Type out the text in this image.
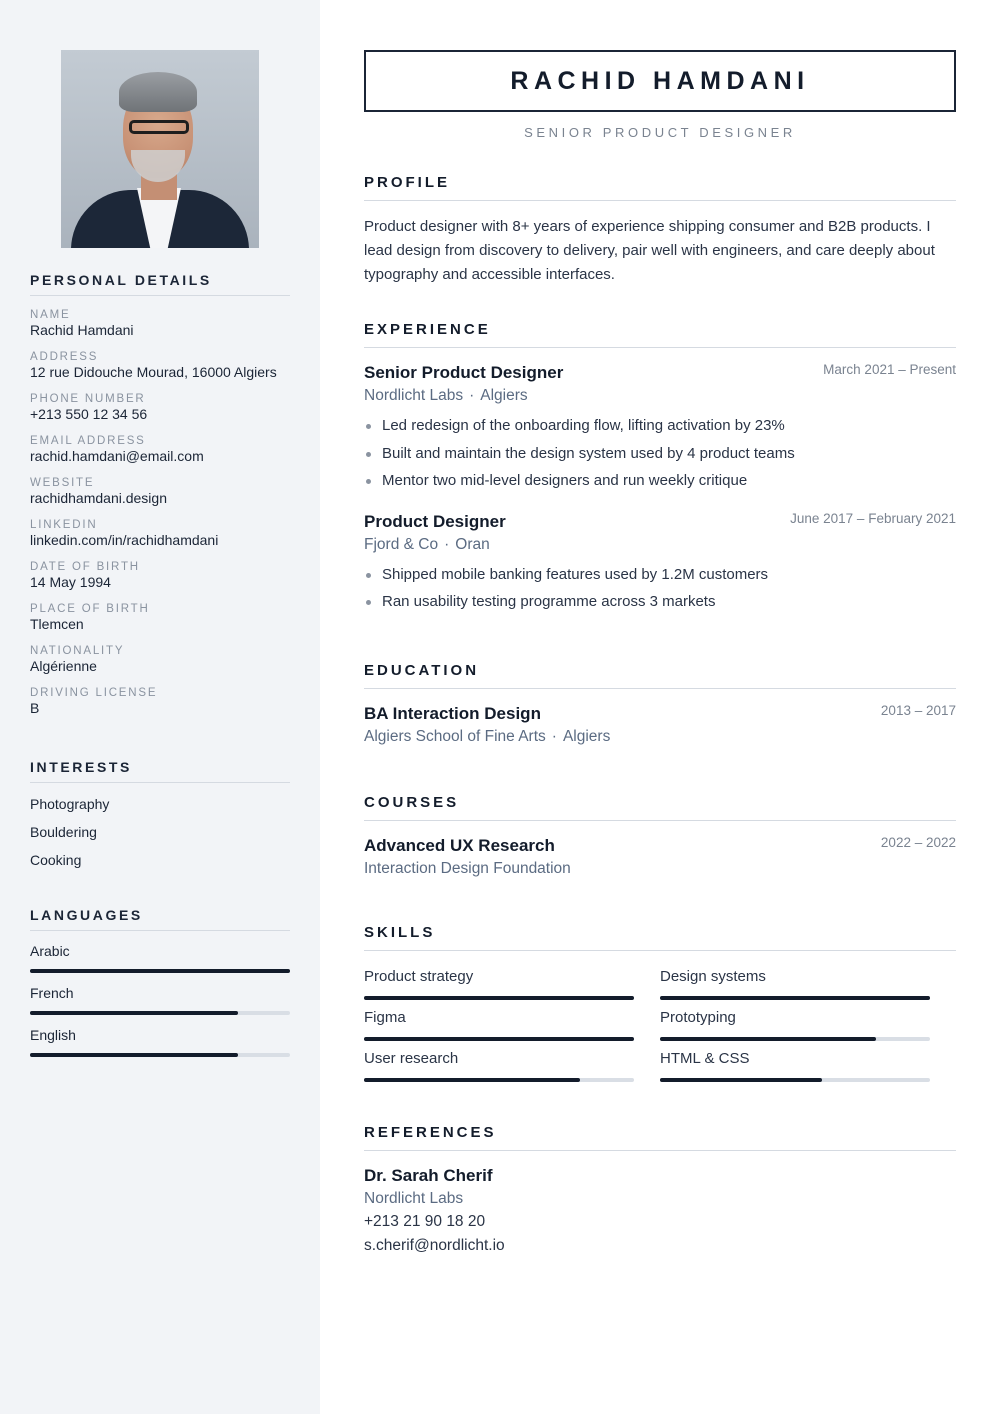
PERSONAL DETAILS
NAME
Rachid Hamdani
ADDRESS
12 rue Didouche Mourad, 16000 Algiers
PHONE NUMBER
+213 550 12 34 56
EMAIL ADDRESS
rachid.hamdani@email.com
WEBSITE
rachidhamdani.design
LINKEDIN
linkedin.com/in/rachidhamdani
DATE OF BIRTH
14 May 1994
PLACE OF BIRTH
Tlemcen
NATIONALITY
Algérienne
DRIVING LICENSE
B
INTERESTS
Photography
Bouldering
Cooking
LANGUAGES
Arabic
French
English
RACHID HAMDANI
SENIOR PRODUCT DESIGNER
PROFILE

Product designer with 8+ years of experience shipping consumer and B2B products. I lead design from discovery to delivery, pair well with engineers, and care deeply about typography and accessible interfaces.

EXPERIENCE
Senior Product Designer
Nordlicht Labs · Algiers
March 2021 – Present
Led redesign of the onboarding flow, lifting activation by 23%
Built and maintain the design system used by 4 product teams
Mentor two mid-level designers and run weekly critique
Product Designer
Fjord & Co · Oran
June 2017 – February 2021
Shipped mobile banking features used by 1.2M customers
Ran usability testing programme across 3 markets
EDUCATION
BA Interaction Design
Algiers School of Fine Arts · Algiers
2013 – 2017
COURSES
Advanced UX Research
Interaction Design Foundation
2022 – 2022
SKILLS
Product strategy	Design systems
Figma	Prototyping
User research	HTML & CSS
REFERENCES
Dr. Sarah Cherif
Nordlicht Labs
+213 21 90 18 20
s.cherif@nordlicht.io
